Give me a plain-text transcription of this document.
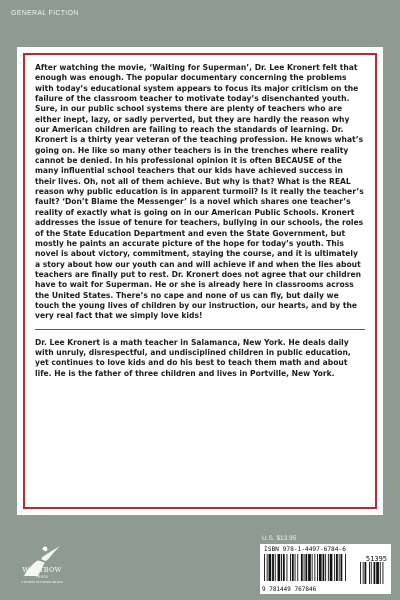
GENERAL FICTION

After watching the movie, ‘Waiting for Superman’, Dr. Lee Kronert felt that enough was enough. The popular documentary concerning the problems with today’s educational system appears to focus its major criticism on the failure of the classroom teacher to motivate today’s disenchanted youth. Sure, in our public school systems there are plenty of teachers who are either inept, lazy, or sadly perverted, but they are hardly the reason why our American children are failing to reach the standards of learning. Dr. Kronert is a thirty year veteran of the teaching profession. He knows what’s going on. He like so many other teachers is in the trenches where reality cannot be denied. In his professional opinion it is often BECAUSE of the many influential school teachers that our kids have achieved success in their lives. Oh, not all of them achieve. But why is that? What is the REAL reason why public education is in apparent turmoil? Is it really the teacher’s fault? ‘Don’t Blame the Messenger’ is a novel which shares one teacher’s reality of exactly what is going on in our American Public Schools. Kronert addresses the issue of tenure for teachers, bullying in our schools, the roles of the State Education Department and even the State Government, but mostly he paints an accurate picture of the hope for today’s youth. This novel is about victory, commitment, staying the course, and it is ultimately a story about how our youth can and will achieve if and when the lies about teachers are finally put to rest. Dr. Kronert does not agree that our children have to wait for Superman. He or she is already here in classrooms across the United States. There’s no cape and none of us can fly, but daily we touch the young lives of children by our instruction, our hearts, and by the very real fact that we simply love kids!

Dr. Lee Kronert is a math teacher in Salamanca, New York. He deals daily with unruly, disrespectful, and undisciplined children in public education, yet continues to love kids and do his best to teach them math and about life. He is the father of three children and lives in Portville, New York.

WESTBOW
PRESS
A DIVISION OF THOMAS NELSON
U.S. $13.95
ISBN 978-1-4497-6784-6
51395
9 781449 767846
